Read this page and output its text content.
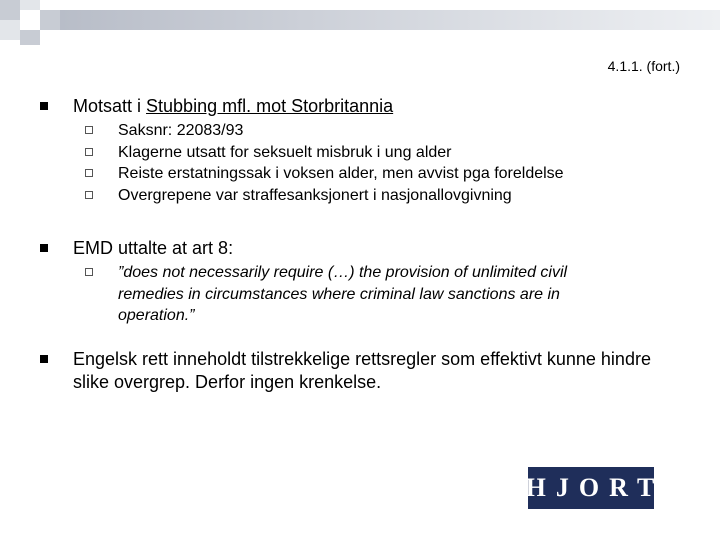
4.1.1. (fort.)
Motsatt i Stubbing mfl. mot Storbritannia
Saksnr: 22083/93
Klagerne utsatt for seksuelt misbruk i ung alder
Reiste erstatningssak i voksen alder, men avvist pga foreldelse
Overgrepene var straffesanksjonert i nasjonallovgivning
EMD uttalte at art 8:
”does not necessarily require (…) the provision of unlimited civil remedies in circumstances where criminal law sanctions are in operation.”
Engelsk rett inneholdt tilstrekkelige rettsregler som effektivt kunne hindre slike overgrep. Derfor ingen krenkelse.
HJORT
